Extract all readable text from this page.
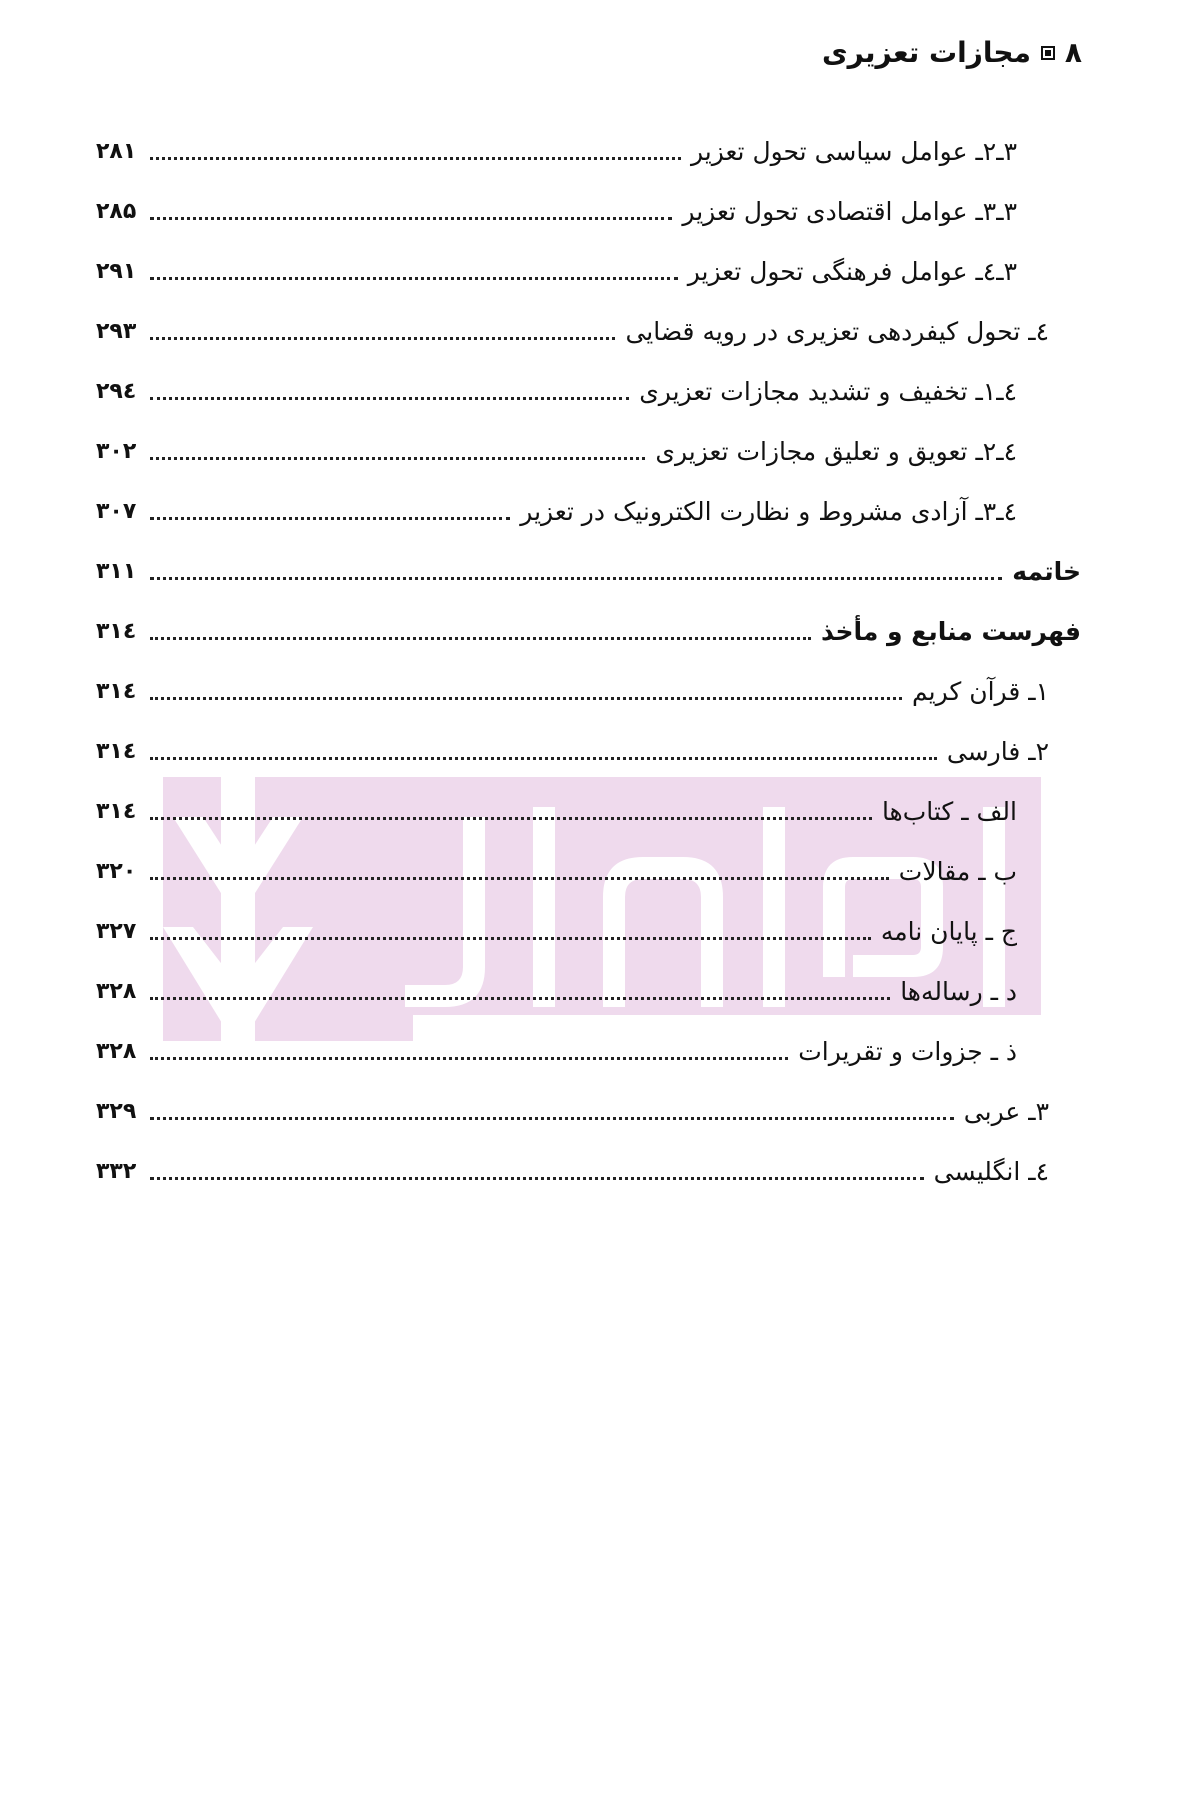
۸
مجازات تعزیری
۳ـ۲ـ عوامل سیاسی تحول تعزیر
۲۸۱
۳ـ۳ـ عوامل اقتصادی تحول تعزیر
۲۸۵
۳ـ٤ـ عوامل فرهنگی تحول تعزیر
۲۹۱
٤ـ تحول کیفردهی تعزیری در رویه قضایی
۲۹۳
٤ـ۱ـ تخفیف و تشدید مجازات تعزیری
۲۹٤
٤ـ۲ـ تعویق و تعلیق مجازات تعزیری
۳۰۲
٤ـ۳ـ آزادی مشروط و نظارت الکترونیک در تعزیر
۳۰۷
خاتمه
۳۱۱
فهرست منابع و مأخذ
۳۱٤
۱ـ قرآن کریم
۳۱٤
۲ـ فارسی
۳۱٤
الف ـ کتاب‌ها
۳۱٤
ب ـ مقالات
۳۲۰
ج ـ پایان نامه
۳۲۷
د ـ رساله‌ها
۳۲۸
ذ ـ جزوات و تقریرات
۳۲۸
۳ـ عربی
۳۲۹
٤ـ انگلیسی
۳۳۲
